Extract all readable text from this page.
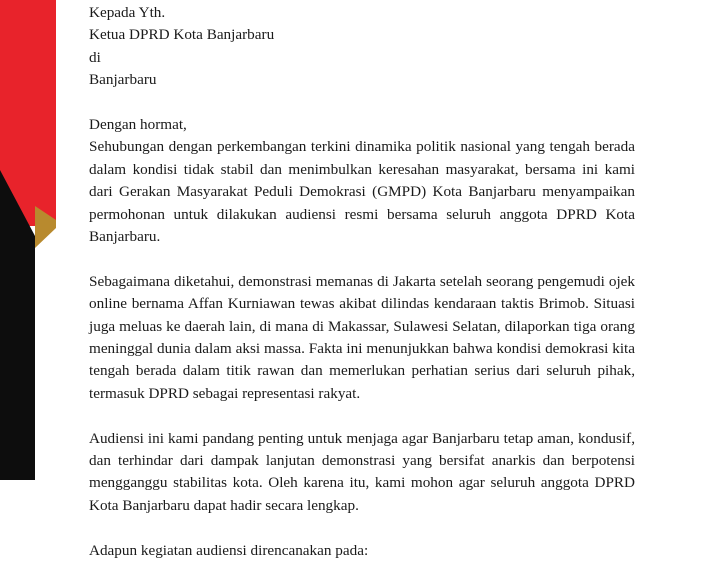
Kepada Yth.

Ketua DPRD Kota Banjarbaru

di

Banjarbaru

Dengan hormat,

Sehubungan dengan perkembangan terkini dinamika politik nasional yang tengah berada dalam kondisi tidak stabil dan menimbulkan keresahan masyarakat, bersama ini kami dari Gerakan Masyarakat Peduli Demokrasi (GMPD) Kota Banjarbaru menyampaikan permohonan untuk dilakukan audiensi resmi bersama seluruh anggota DPRD Kota Banjarbaru.

Sebagaimana diketahui, demonstrasi memanas di Jakarta setelah seorang pengemudi ojek online bernama Affan Kurniawan tewas akibat dilindas kendaraan taktis Brimob. Situasi juga meluas ke daerah lain, di mana di Makassar, Sulawesi Selatan, dilaporkan tiga orang meninggal dunia dalam aksi massa. Fakta ini menunjukkan bahwa kondisi demokrasi kita tengah berada dalam titik rawan dan memerlukan perhatian serius dari seluruh pihak, termasuk DPRD sebagai representasi rakyat.

Audiensi ini kami pandang penting untuk menjaga agar Banjarbaru tetap aman, kondusif, dan terhindar dari dampak lanjutan demonstrasi yang bersifat anarkis dan berpotensi mengganggu stabilitas kota. Oleh karena itu, kami mohon agar seluruh anggota DPRD Kota Banjarbaru dapat hadir secara lengkap.

Adapun kegiatan audiensi direncanakan pada:
